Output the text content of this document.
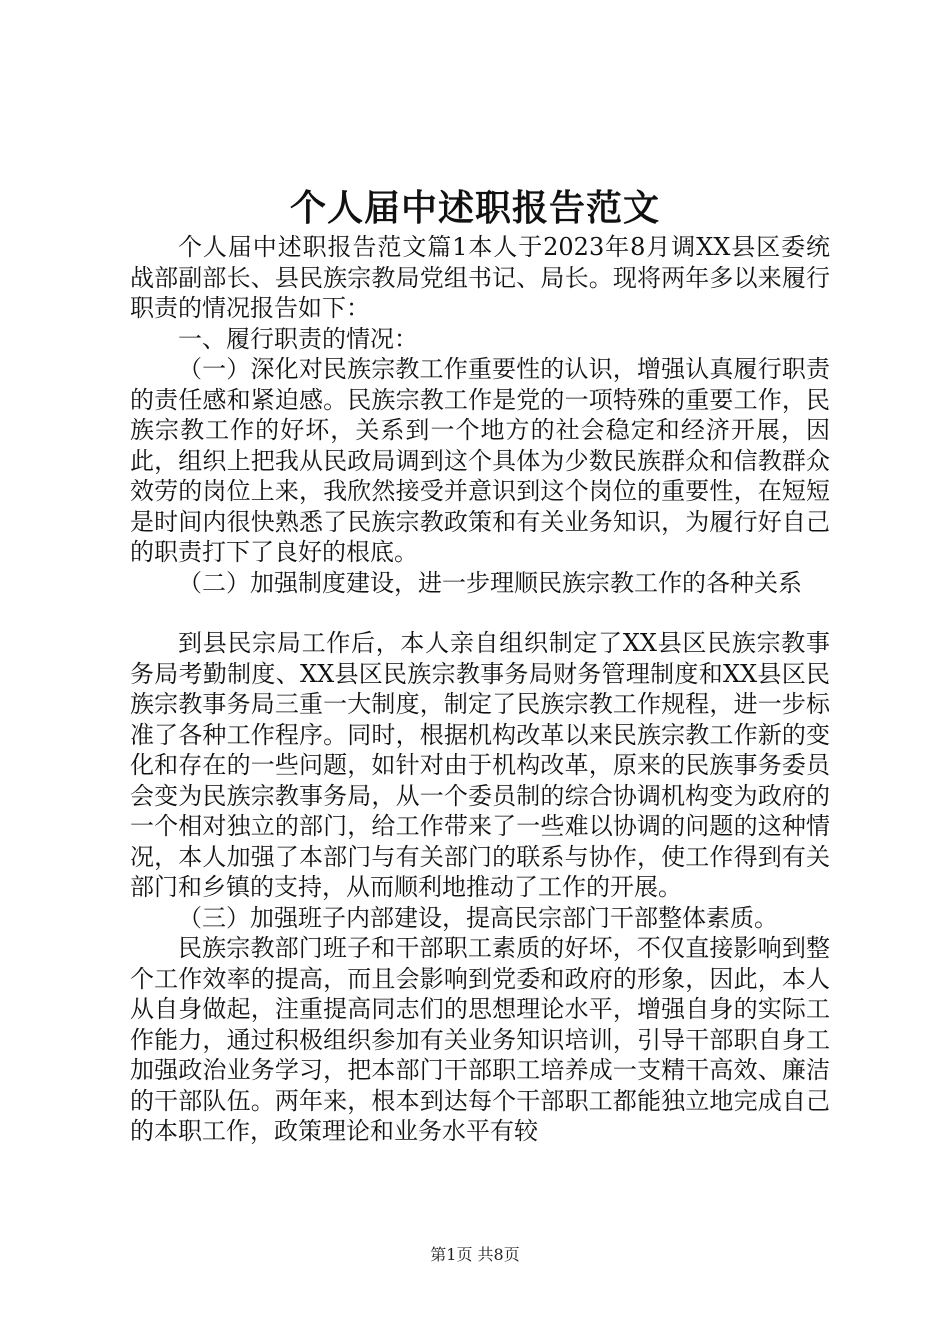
个人届中述职报告范文

个人届中述职报告范文篇1本人于2023年8月调XX县区委统战部副部长、县民族宗教局党组书记、局长。现将两年多以来履行职责的情况报告如下：

一、履行职责的情况：

（一）深化对民族宗教工作重要性的认识，增强认真履行职责的责任感和紧迫感。民族宗教工作是党的一项特殊的重要工作，民族宗教工作的好坏，关系到一个地方的社会稳定和经济开展，因此，组织上把我从民政局调到这个具体为少数民族群众和信教群众效劳的岗位上来，我欣然接受并意识到这个岗位的重要性，在短短是时间内很快熟悉了民族宗教政策和有关业务知识，为履行好自己的职责打下了良好的根底。

（二）加强制度建设，进一步理顺民族宗教工作的各种关系

到县民宗局工作后，本人亲自组织制定了XX县区民族宗教事务局考勤制度、XX县区民族宗教事务局财务管理制度和XX县区民族宗教事务局三重一大制度，制定了民族宗教工作规程，进一步标准了各种工作程序。同时，根据机构改革以来民族宗教工作新的变化和存在的一些问题，如针对由于机构改革，原来的民族事务委员会变为民族宗教事务局，从一个委员制的综合协调机构变为政府的一个相对独立的部门，给工作带来了一些难以协调的问题的这种情况，本人加强了本部门与有关部门的联系与协作，使工作得到有关部门和乡镇的支持，从而顺利地推动了工作的开展。

（三）加强班子内部建设，提高民宗部门干部整体素质。

民族宗教部门班子和干部职工素质的好坏，不仅直接影响到整个工作效率的提高，而且会影响到党委和政府的形象，因此，本人从自身做起，注重提高同志们的思想理论水平，增强自身的实际工作能力，通过积极组织参加有关业务知识培训，引导干部职自身工加强政治业务学习，把本部门干部职工培养成一支精干高效、廉洁的干部队伍。两年来，根本到达每个干部职工都能独立地完成自己的本职工作，政策理论和业务水平有较

第1页 共8页
